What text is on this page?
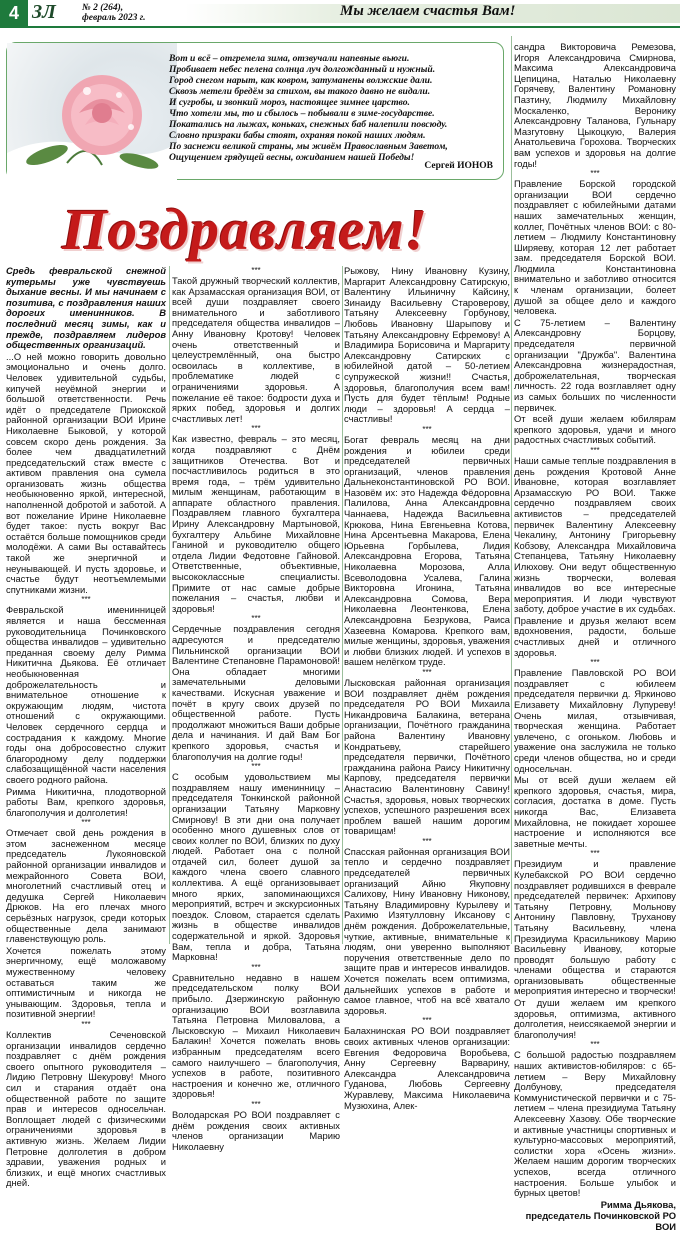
4 ЗЛ	№ 2 (264),
февраль 2023 г.	Мы желаем счастья Вам!
Вот и всё – отгремела зима, отзвучали напевные вьюги.
Пробивает небес пелена солнца луч долгожданный и нужный.
Город снегом нарыт, как ковром, затуманены волжские дали.
Сквозь метели бредём за стихом, вы такого давно не видали.
И сугробы, и звонкий мороз, настоящее зимнее царство.
Что хотели мы, то и сбылось – побывали в зиме-государстве.
Покатались на лыжах, коньках, снежных баб налепили повсюду.
Словно призраки бабы стоят, охраняя покой наших людям.
По заснежи великой страны, мы живём Православным Заветом,
Ощущением грядущей весны, ожиданием нашей Победы!
Сергей ИОНОВ
Поздравляем!

Средь февральской снежной кутерьмы уже чувствуешь дыхание весны. И мы начинаем с позитива, с поздравления наших дорогих именинников. В последний месяц зимы, как и прежде, поздравляем лидеров общественных организаций.

...О ней можно говорить довольно эмоционально и очень долго. Человек удивительной судьбы, кипучей неуёмной энергии и большой ответственности. Речь идёт о председателе Приокской районной организации ВОИ Ирине Николаевне Быковой, у которой совсем скоро день рождения. За более чем двадцатилетний председательский стаж вместе с активом правления она сумела организовать жизнь общества необыкновенно яркой, интересной, наполненной добротой и заботой. А вот пожелание Ирине Николаевне будет такое: пусть вокруг Вас остаётся больше помощников среди молодёжи. А сами Вы оставайтесь такой же энергичной и неунывающей. И пусть здоровье, и счастье будут неотъемлемыми спутниками жизни.

***

Февральской именинницей является и наша бессменная руководительница Починковского общества инвалидов – удивительно преданная своему делу Римма Никитична Дьякова. Её отличает необыкновенная доброжелательность и внимательное отношение к окружающим людям, чистота отношений с окружающими. Человек сердечного сердца и сострадания к каждому. Многие годы она добросовестно служит благородному делу поддержки слабозащищённой части населения своего родного района.

Римма Никитична, плодотворной работы Вам, крепкого здоровья, благополучия и долголетия!

***

Отмечает свой день рождения в этом заснеженном месяце председатель Лукояновской районной организации инвалидов и межрайонного Совета ВОИ, многолетний счастливый отец и дедушка Сергей Николаевич Дрюков. На его плечах много серьёзных нагрузок, среди которых общественные дела занимают главенствующую роль.

Хочется пожелать этому энергичному, ещё моложавому мужественному человеку оставаться таким же оптимистичным и никогда не унывающим. Здоровья, тепла и позитивной энергии!

***

Коллектив Сеченовской организации инвалидов сердечно поздравляет с днём рождения своего опытного руководителя – Лидию Петровну Шекурову! Много сил и старания отдаёт она общественной работе по защите прав и интересов односельчан. Воплощает людей с физическими ограничениями здоровья в активную жизнь. Желаем Лидии Петровне долголетия в добром здравии, уважения родных и близких, и ещё многих счастливых дней.

***

Такой дружный творческий коллектив, как Арзамасская организация ВОИ, от всей души поздравляет своего внимательного и заботливого председателя общества инвалидов – Анну Ивановну Кротову! Человек очень ответственный и целеустремлённый, она быстро освоилась в коллективе, в проблематике людей с ограничениями здоровья. А пожелание её такое: бодрости духа и ярких побед, здоровья и долгих счастливых лет!

***

Как известно, февраль – это месяц, когда поздравляют с Днём защитников Отечества. Вот и посчастливилось родиться в это время года, – трём удивительно милым женщинам, работающим в аппарате областного правления. Поздравляем главного бухгалтера Ирину Александровну Мартыновой, бухгалтеру Альбине Михайловне Ганиной и руководителю общего отдела Лидии Федотовне Гайновой. Ответственные, объективные, высококлассные специалисты. Примите от нас самые добрые пожелания – счастья, любви и здоровья!

***

Сердечные поздравления сегодня адресуются и председателю Пильнинской организации ВОИ Валентине Степановне Парамоновой! Она обладает многими замечательными деловыми качествами. Искусная уважение и почёт в кругу своих друзей по общественной работе. Пусть продолжают множиться Ваши добрые дела и начинания. И дай Вам Бог крепкого здоровья, счастья и благополучия на долгие годы!

***

С особым удовольствием мы поздравляем нашу именинницу – председателя Тонкинской районной организации Татьяну Марковну Смирнову! В эти дни она получает особенно много душевных слов от своих коллег по ВОИ, близких по духу людей. Работает она с полной отдачей сил, болеет душой за каждого члена своего славного коллектива. А ещё организовывает много ярких, запоминающихся мероприятий, встреч и экскурсионных поездок. Словом, старается сделать жизнь в обществе инвалидов содержательной и яркой. Здоровья Вам, тепла и добра, Татьяна Марковна!

***

Сравнительно недавно в нашем председательском полку ВОИ прибыло. Дзержинскую районную организацию ВОИ возглавила Татьяна Петровна Миловалова, а Лысковскую – Михаил Николаевич Балакин! Хочется пожелать вновь избранным председателям всего самого наилучшего – благополучия, успехов в работе, позитивного настроения и конечно же, отличного здоровья!

***

Володарская РО ВОИ поздравляет с днём рождения своих активных членов организации Марию Николаевну

Рыжову, Нину Ивановну Кузину, Маргарит Александровну Сатирскую, Валентину Ильиничну Кайсину, Зинаиду Васильевну Староверову, Татьяну Алексеевну Горбунову, Любовь Ивановну Шарыпову и Татьяну Александровну Ефремову! А Владимира Борисовича и Маргариту Александровну Сатирских с юбилейной датой – 50-летием супружеской жизни!! Счастья, здоровья, благополучия всем вам! Пусть для будет тёплым! Родные люди – здоровья! А сердца – счастливы!

***

Богат февраль месяц на дни рождения и юбилеи среди председателей первичных организаций, членов правления Дальнеконстантиновской РО ВОИ. Назовём их: это Надежда Фёдоровна Палилова, Анна Александровна Чаннаева, Надежда Васильевна Крюкова, Нина Евгеньевна Котова, Нина Арсентьевна Макарова, Елена Юрьевна Горбылева, Лидия Александровна Егорова, Татьяна Николаевна Морозова, Алла Всеволодовна Усалева, Галина Викторовна Игонина, Татьяна Александровна Сомова, Вера Николаевна Леонтенкова, Елена Александровна Безрукова, Раиса Хазеевна Комарова. Крепкого вам, милые женщины, здоровья, уважения и любви близких людей. И успехов в вашем нелёгком труде.

***

Лысковская районная организация ВОИ поздравляет днём рождения председателя РО ВОИ Михаила Никандровича Балакина, ветерана организации, Почётного гражданина района Валентину Ивановну Кондратьеву, старейшего председателя первички, Почётного гражданина района Раису Никитичну Карпову, председателя первички Анастасию Валентиновну Савину! Счастья, здоровья, новых творческих успехов, успешного разрешения всех проблем вашей нашим дорогим товарищам!

***

Спасская районная организация ВОИ тепло и сердечно поздравляет председателей первичных организаций Айню Якуповну Салихову, Нину Ивановну Никонову, Татьяну Владимировну Курылеву и Рахимю Изятулловну Иксанову с днём рождения. Доброжелательные, чуткие, активные, внимательные к людям, они уверенно выполняют поручения ответственные дело по защите прав и интересов инвалидов. Хочется пожелать всем оптимизма, дальнейших успехов в работе и самое главное, чтоб на всё хватало здоровья.

***

Балахнинская РО ВОИ поздравляет своих активных членов организации: Евгения Федоровича Воробьева, Анну Сергеевну Варварину, Александра Александровича Гуданова, Любовь Сергеевну Журавлеву, Максима Николаевича Музюхина, Алек-

сандра Викторовича Ремезова, Игоря Александровича Смирнова, Максима Александровича Цепицина, Наталью Николаевну Горячеву, Валентину Романовну Пазтину, Людмилу Михайловну Москаленко, Веронику Александровну Таланова, Гульнару Мазгутовну Цыкоцкую, Валерия Анатольевича Горохова. Творческих вам успехов и здоровья на долгие годы!

***

Правление Борской городской организации ВОИ сердечно поздравляет с юбилейными датами наших замечательных женщин, коллег, Почётных членов ВОИ: с 80-летием – Людмилу Константиновну Ширяеву, которая 12 лет работает зам. председателя Борской ВОИ. Людмила Константиновна внимательно и заботливо относится к членам организации, болеет душой за общее дело и каждого человека.

С 75-летием – Валентину Александровну Борцову, председателя первичной организации "Дружба". Валентина Александровна жизнерадостная, доброжелательная, творческая личность. 22 года возглавляет одну из самых больших по численности первичек.

От всей души желаем юбилярам крепкого здоровья, удачи и много радостных счастливых событий.

***

Наши самые теплые поздравления в день рождения Кротовой Анне Ивановне, которая возглавляет Арзамасскую РО ВОИ. Также сердечно поздравляем своих активистов – председателей первичек Валентину Алексеевну Чекалину, Антонину Григорьевну Кобзову, Александра Михайловича Степанцева, Татьяну Николаевну Илюхову. Они ведут общественную жизнь творчески, волевая инвалидов во все интересные мероприятия. И люди чувствуют заботу, доброе участие в их судьбах.

Правление и друзья желают всем вдохновения, радости, больше счастливых дней и отличного здоровья.

***

Правление Павловской РО ВОИ поздравляет с юбилеем председателя первички д. Яркиново Елизавету Михайловну Лупуреву! Очень милая, отзывчивая, творческая женщина. Работает увлечено, с огоньком. Любовь и уважение она заслужила не только среди членов общества, но и среди односельчан.

Мы от всей души желаем ей крепкого здоровья, счастья, мира, согласия, достатка в доме. Пусть никогда Вас, Елизавета Михайловна, не покидает хорошее настроение и исполняются все заветные мечты.

***

Президиум и правление Кулебакской РО ВОИ сердечно поздравляет родившихся в феврале председателей первичек: Архипову Татьяну Петровну, Мольнову Антонину Павловну, Труханову Татьяну Васильевну, члена Президиума Красильникову Марию Васильевну Иванову, которые проводят большую работу с членами общества и стараются организовывать общественные мероприятия интересно и творчески!

От души желаем им крепкого здоровья, оптимизма, активного долголетия, неиссякаемой энергии и благополучия!

***

С большой радостью поздравляем наших активистов-юбиляров: с 65-летием – Веру Михайловну Долбунову, председателя Коммунистической первички и с 75-летием – члена президиума Татьяну Алексеевну Хазову. Обе творческие и активные участницы спортивных и культурно-массовых мероприятий, солистки хора «Осень жизни». Желаем нашим дорогим творческих успехов, всегда отличного настроения. Больше улыбок и бурных цветов!

Римма Дьякова,

председатель Починковской РО ВОИ
